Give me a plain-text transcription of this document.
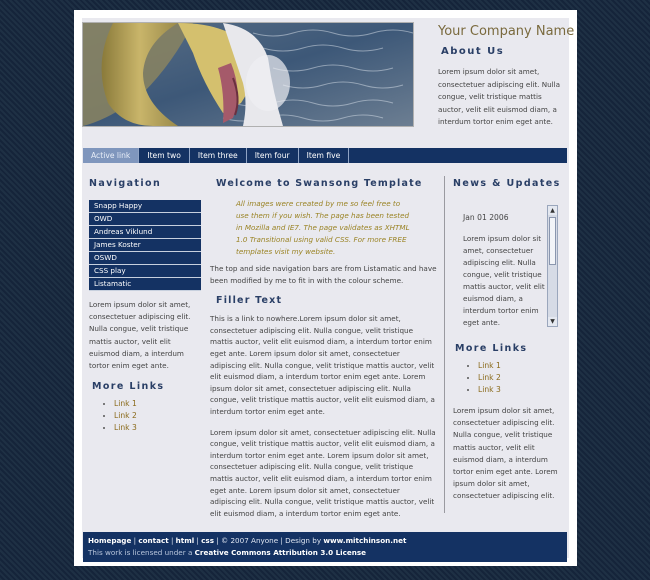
Your Company Name
About Us
Lorem ipsum dolor sit amet, consectetuer adipiscing elit. Nulla congue, velit tristique mattis auctor, velit elit euismod diam, a interdum tortor enim eget ante.
Active link	Item two	Item three	Item four	Item five
Navigation
Snapp Happy
OWD
Andreas Viklund
James Koster
OSWD
CSS play
Listamatic
Lorem ipsum dolor sit amet, consectetuer adipiscing elit. Nulla congue, velit tristique mattis auctor, velit elit euismod diam, a interdum tortor enim eget ante.
More Links
• Link 1
• Link 2
• Link 3
Welcome to Swansong Template
All images were created by me so feel free to use them if you wish. The page has been tested in Mozilla and IE7. The page validates as XHTML 1.0 Transitional using valid CSS. For more FREE templates visit my website.
The top and side navigation bars are from Listamatic and have been modified by me to fit in with the colour scheme.
Filler Text
This is a link to nowhere.Lorem ipsum dolor sit amet, consectetuer adipiscing elit. Nulla congue, velit tristique mattis auctor, velit elit euismod diam, a interdum tortor enim eget ante. Lorem ipsum dolor sit amet, consectetuer adipiscing elit. Nulla congue, velit tristique mattis auctor, velit elit euismod diam, a interdum tortor enim eget ante. Lorem ipsum dolor sit amet, consectetuer adipiscing elit. Nulla congue, velit tristique mattis auctor, velit elit euismod diam, a interdum tortor enim eget ante.
Lorem ipsum dolor sit amet, consectetuer adipiscing elit. Nulla congue, velit tristique mattis auctor, velit elit euismod diam, a interdum tortor enim eget ante. Lorem ipsum dolor sit amet, consectetuer adipiscing elit. Nulla congue, velit tristique mattis auctor, velit elit euismod diam, a interdum tortor enim eget ante. Lorem ipsum dolor sit amet, consectetuer adipiscing elit. Nulla congue, velit tristique mattis auctor, velit elit euismod diam, a interdum tortor enim eget ante.
News & Updates
Jan 01 2006
Lorem ipsum dolor sit amet, consectetuer adipiscing elit. Nulla congue, velit tristique mattis auctor, velit elit euismod diam, a interdum tortor enim eget ante.
▲
▼
More Links
• Link 1
• Link 2
• Link 3
Lorem ipsum dolor sit amet, consectetuer adipiscing elit. Nulla congue, velit tristique mattis auctor, velit elit euismod diam, a interdum tortor enim eget ante. Lorem ipsum dolor sit amet, consectetuer adipiscing elit.
Homepage | contact | html | css | © 2007 Anyone | Design by www.mitchinson.net
This work is licensed under a Creative Commons Attribution 3.0 License
